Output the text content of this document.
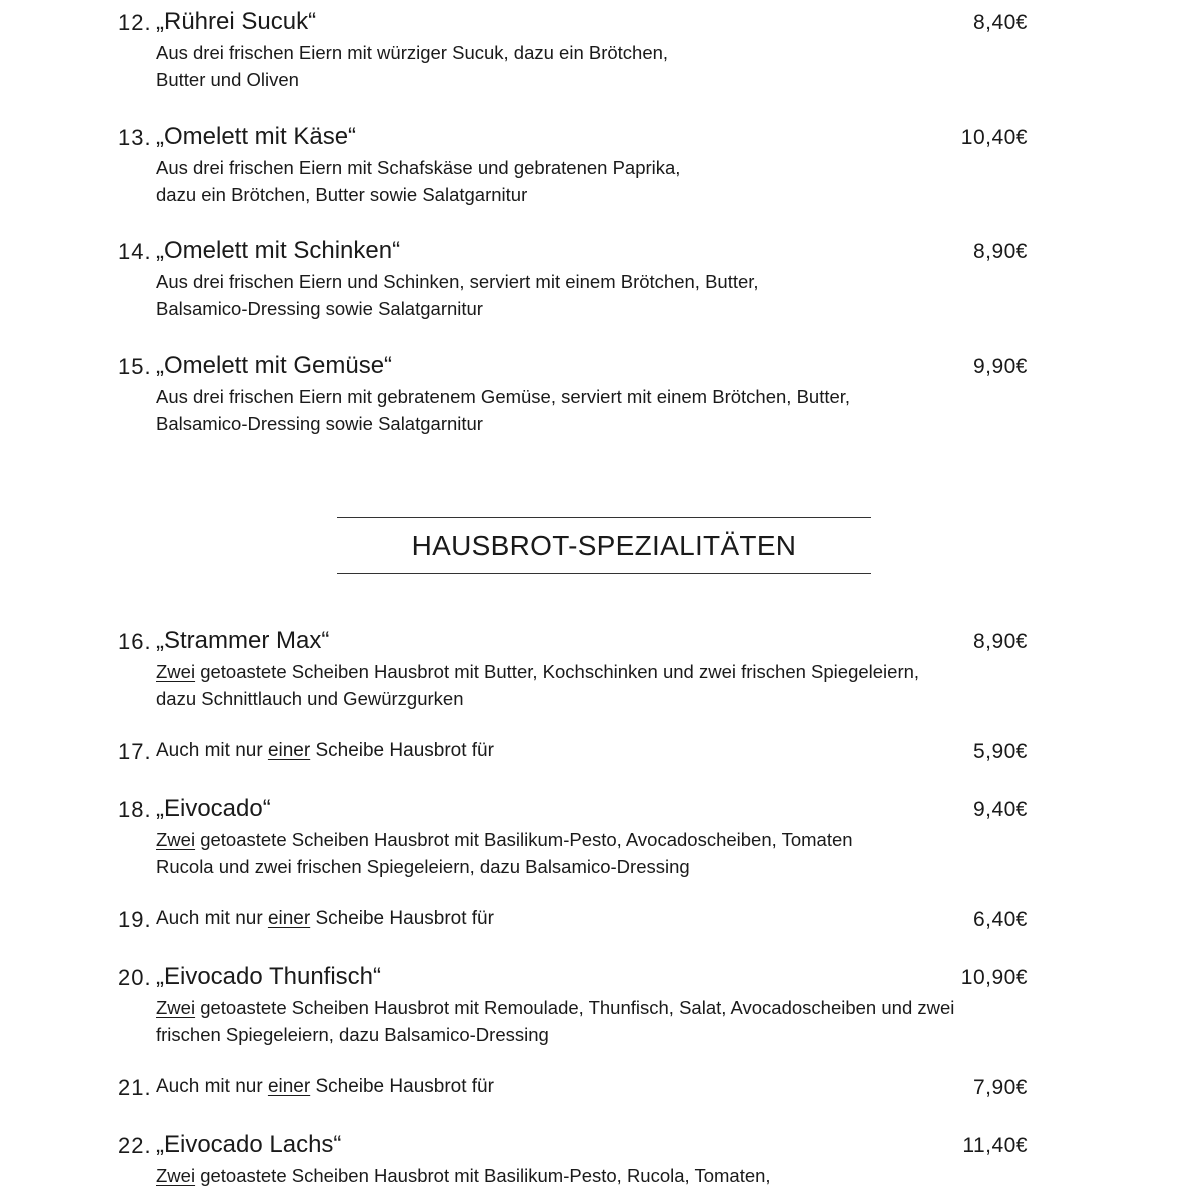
12. „Rührei Sucuk“	8,40€
Aus drei frischen Eiern mit würziger Sucuk, dazu ein Brötchen,
Butter und Oliven
13. „Omelett mit Käse“	10,40€
Aus drei frischen Eiern mit Schafskäse und gebratenen Paprika,
dazu ein Brötchen, Butter sowie Salatgarnitur
14. „Omelett mit Schinken“	8,90€
Aus drei frischen Eiern und Schinken, serviert mit einem Brötchen, Butter,
Balsamico-Dressing sowie Salatgarnitur
15. „Omelett mit Gemüse“	9,90€
Aus drei frischen Eiern mit gebratenem Gemüse, serviert mit einem Brötchen, Butter,
Balsamico-Dressing sowie Salatgarnitur
HAUSBROT-SPEZIALITÄTEN
16. „Strammer Max“	8,90€
Zwei getoastete Scheiben Hausbrot mit Butter, Kochschinken und zwei frischen Spiegeleiern,
dazu Schnittlauch und Gewürzgurken
17. Auch mit nur einer Scheibe Hausbrot für	5,90€
18. „Eivocado“	9,40€
Zwei getoastete Scheiben Hausbrot mit Basilikum-Pesto, Avocadoscheiben, Tomaten
Rucola und zwei frischen Spiegeleiern, dazu Balsamico-Dressing
19. Auch mit nur einer Scheibe Hausbrot für	6,40€
20. „Eivocado Thunfisch“	10,90€
Zwei getoastete Scheiben Hausbrot mit Remoulade, Thunfisch, Salat, Avocadoscheiben und zwei
frischen Spiegeleiern, dazu Balsamico-Dressing
21. Auch mit nur einer Scheibe Hausbrot für	7,90€
22. „Eivocado Lachs“	11,40€
Zwei getoastete Scheiben Hausbrot mit Basilikum-Pesto, Rucola, Tomaten,
